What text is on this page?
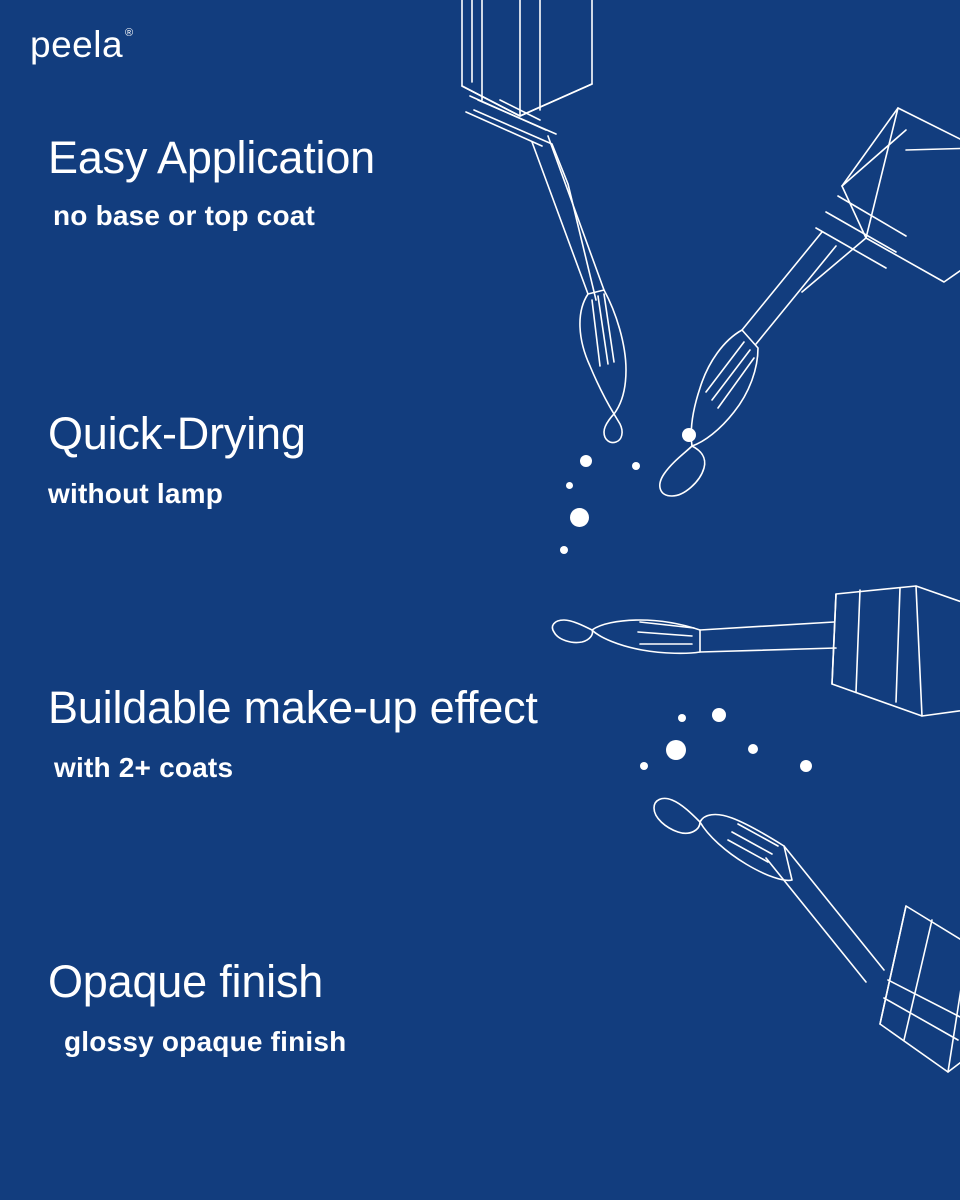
peela ®
Easy Application
no base or top coat
Quick-Drying
without lamp
Buildable make-up effect
with 2+ coats
Opaque finish
glossy opaque finish
